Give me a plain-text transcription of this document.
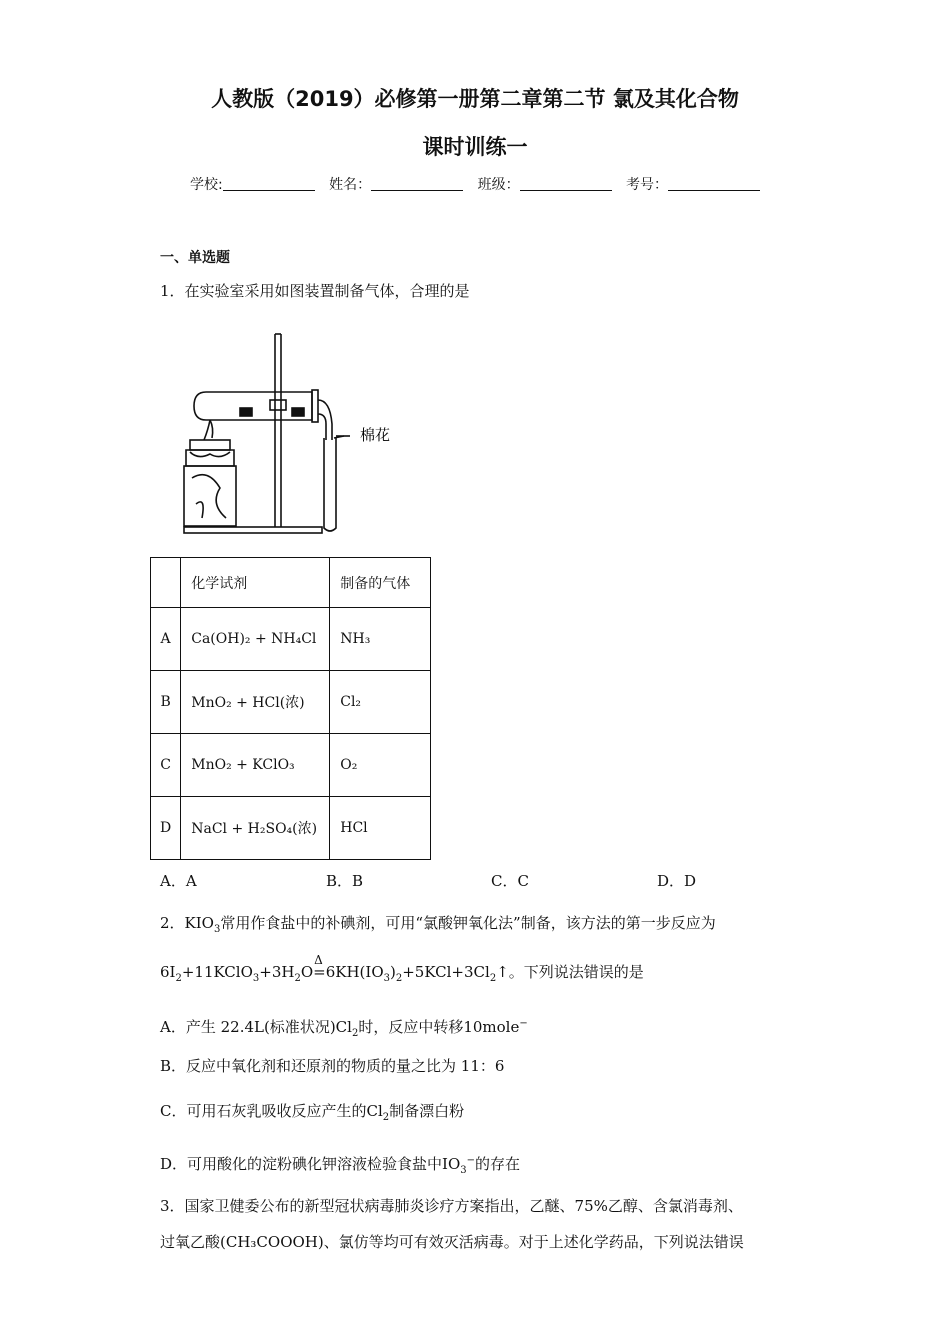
人教版（2019）必修第一册第二章第二节 氯及其化合物
课时训练一
学校:	姓名：	班级：	考号：
一、单选题
1．在实验室采用如图装置制备气体，合理的是
棉花
	化学试剂	制备的气体
A	Ca(OH)₂ + NH₄Cl	NH₃
B	MnO₂ + HCl(浓)	Cl₂
C	MnO₂ + KClO₃	O₂
D	NaCl + H₂SO₄(浓)	HCl
A．A	B．B	C．C	D．D
2．$KIO_3$常用作食盐中的补碘剂，可用“氯酸钾氧化法”制备，该方法的第一步反应为
$6I_2+11KClO_3+3H_2O$
Δ
$=6KH(IO_3)_2+5KCl+3Cl_2↑$。下列说法错误的是
A．产生 22.4L(标准状况)$Cl_2$时，反应中转移10mole−
B．反应中氧化剂和还原剂的物质的量之比为 11：6
C．可用石灰乳吸收反应产生的$Cl_2$制备漂白粉
D．可用酸化的淀粉碘化钾溶液检验食盐中$IO_3^-$的存在
3．国家卫健委公布的新型冠状病毒肺炎诊疗方案指出，乙醚、75%乙醇、含氯消毒剂、
过氧乙酸(CH₃COOOH)、氯仿等均可有效灭活病毒。对于上述化学药品，下列说法错误
